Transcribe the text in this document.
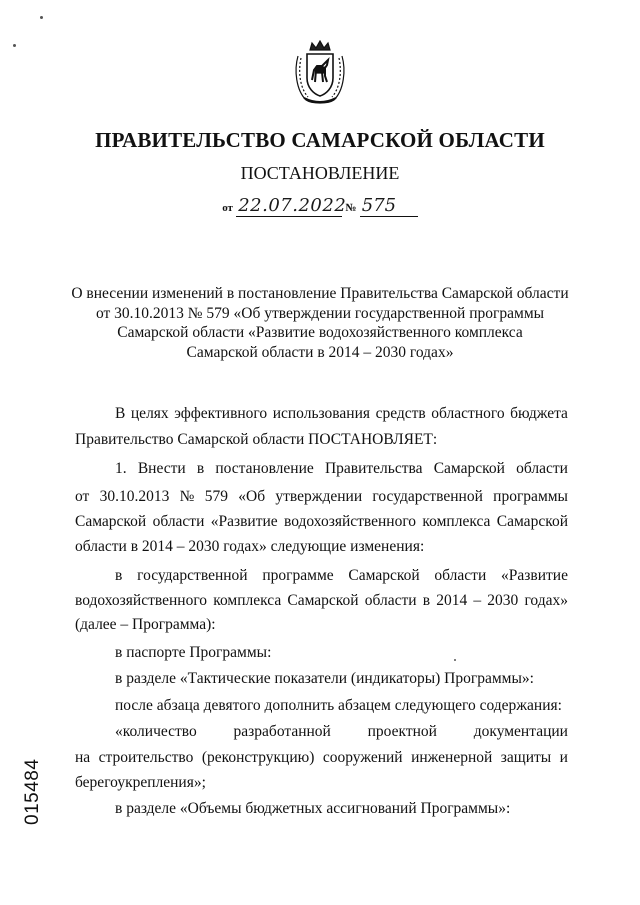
ПРАВИТЕЛЬСТВО САМАРСКОЙ ОБЛАСТИ
ПОСТАНОВЛЕНИЕ
от 22.07.2022 № 575
О внесении изменений в постановление Правительства Самарской области
от 30.10.2013 № 579 «Об утверждении государственной программы
Самарской области «Развитие водохозяйственного комплекса
Самарской области в 2014 – 2030 годах»
В целях эффективного использования средств областного бюджета
Правительство Самарской области ПОСТАНОВЛЯЕТ:
1. Внести в постановление Правительства Самарской области
от 30.10.2013 № 579 «Об утверждении государственной программы
Самарской области «Развитие водохозяйственного комплекса Самарской
области в 2014 – 2030 годах» следующие изменения:
в государственной программе Самарской области «Развитие
водохозяйственного комплекса Самарской области в 2014 – 2030 годах»
(далее – Программа):
в паспорте Программы:
в разделе «Тактические показатели (индикаторы) Программы»:
после абзаца девятого дополнить абзацем следующего содержания:
«количество разработанной проектной документации
на строительство (реконструкцию) сооружений инженерной защиты и
берегоукрепления»;
в разделе «Объемы бюджетных ассигнований Программы»:
015484
